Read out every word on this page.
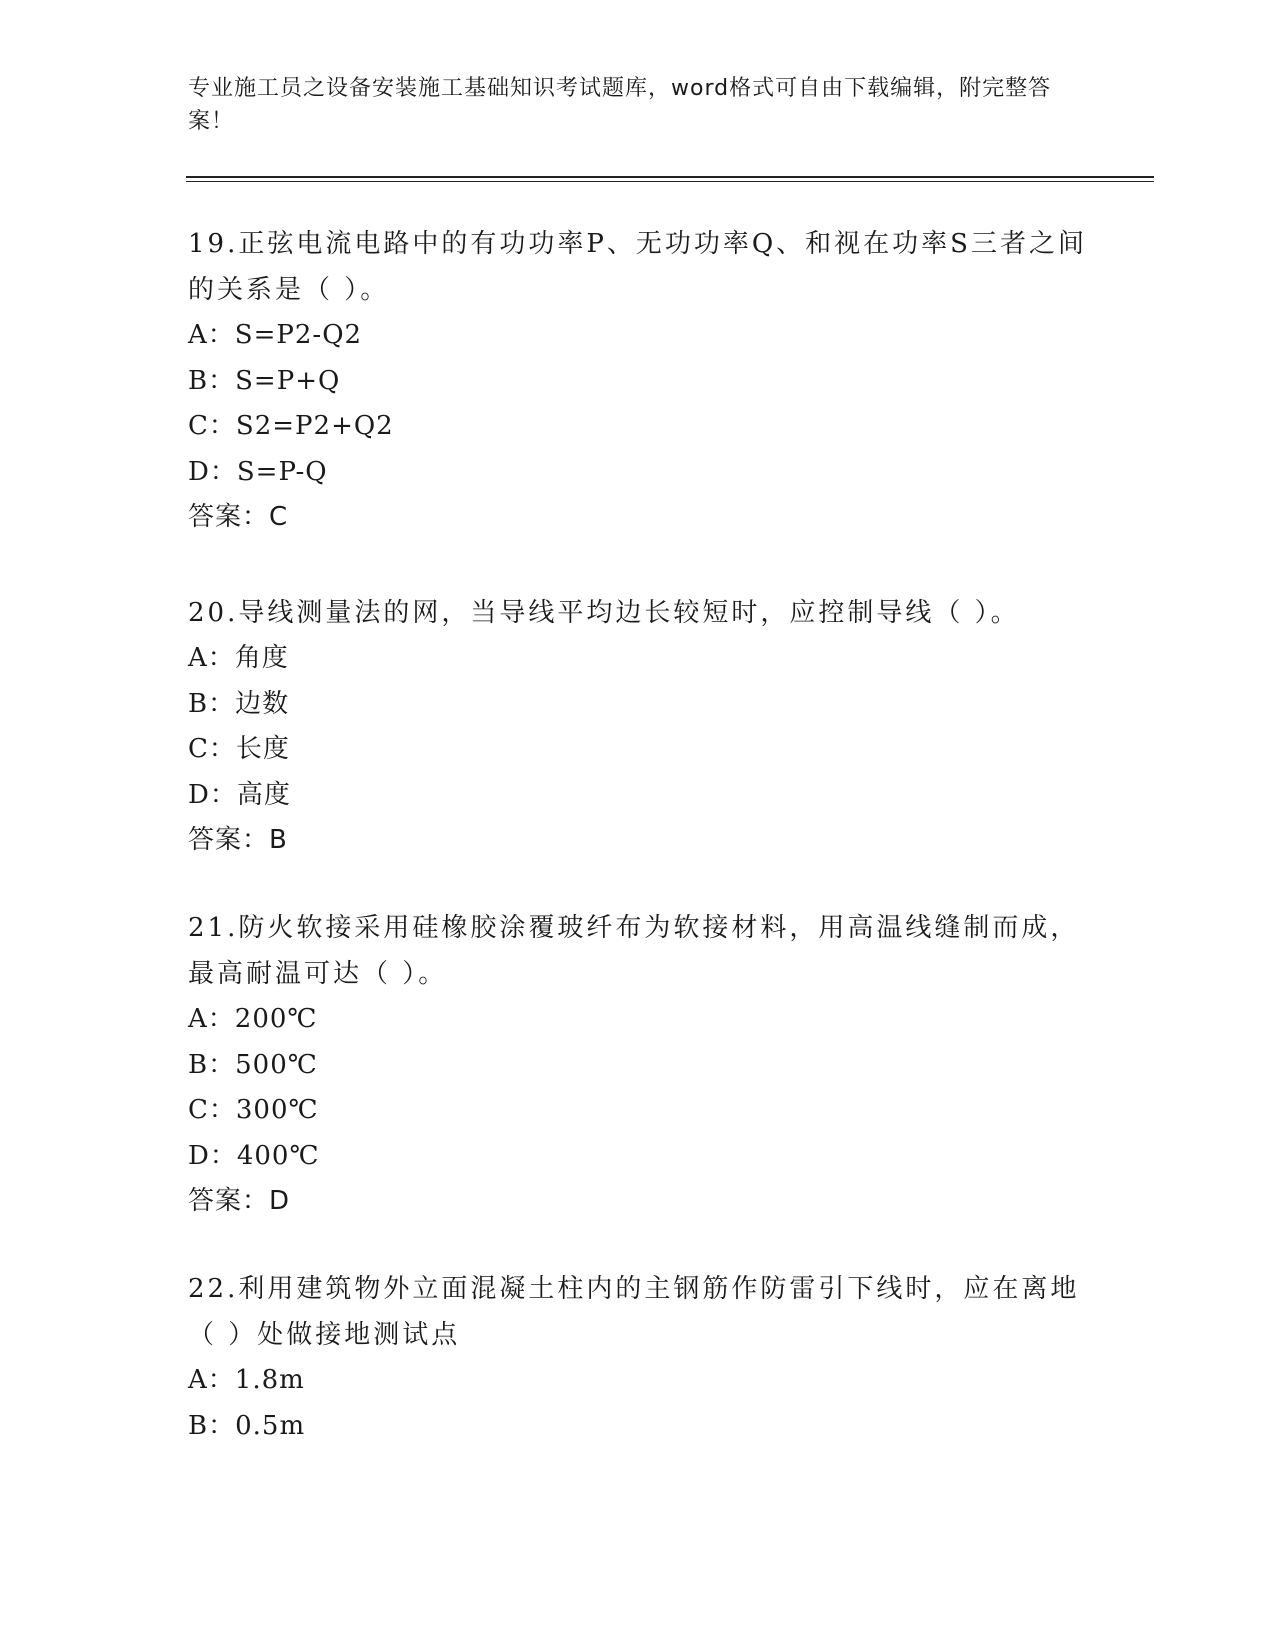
专业施工员之设备安装施工基础知识考试题库，word格式可自由下载编辑，附完整答案！

19.正弦电流电路中的有功功率P、无功功率Q、和视在功率S三者之间的关系是（ ）。

A：S=P2-Q2

B：S=P+Q

C：S2=P2+Q2

D：S=P-Q

答案：C

20.导线测量法的网，当导线平均边长较短时，应控制导线（ ）。

A：角度

B：边数

C：长度

D：高度

答案：B

21.防火软接采用硅橡胶涂覆玻纤布为软接材料，用高温线缝制而成，最高耐温可达（ ）。

A：200℃

B：500℃

C：300℃

D：400℃

答案：D

22.利用建筑物外立面混凝土柱内的主钢筋作防雷引下线时，应在离地（ ）处做接地测试点

A：1.8m

B：0.5m
